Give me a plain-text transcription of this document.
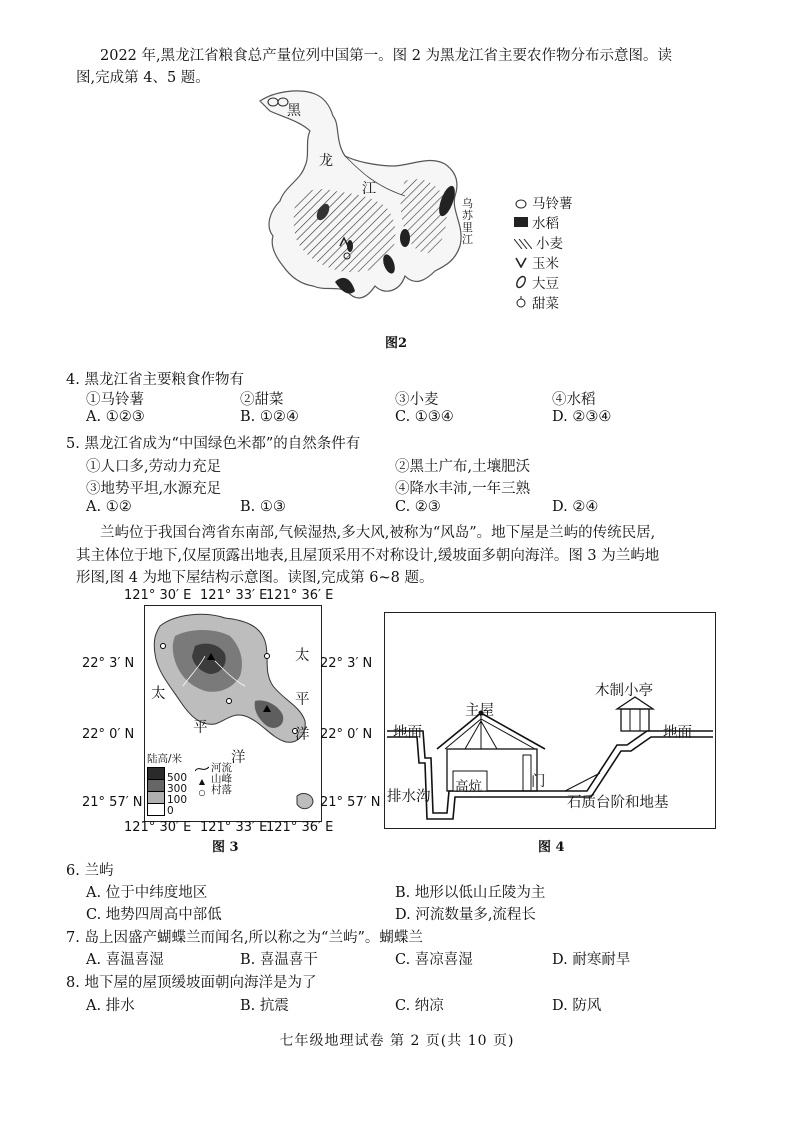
2022 年,黑龙江省粮食总产量位列中国第一。图 2 为黑龙江省主要农作物分布示意图。读
图,完成第 4、5 题。
黑
龙
江
乌
苏
里
江
马铃薯
水稻
小麦
玉米
大豆
甜菜
图2
4. 黑龙江省主要粮食作物有
①马铃薯	②甜菜	③小麦	④水稻
A. ①②③	B. ①②④	C. ①③④	D. ②③④
5. 黑龙江省成为“中国绿色米都”的自然条件有
①人口多,劳动力充足	②黑土广布,土壤肥沃
③地势平坦,水源充足	④降水丰沛,一年三熟
A. ①②	B. ①③	C. ②③	D. ②④
兰屿位于我国台湾省东南部,气候湿热,多大风,被称为“风岛”。地下屋是兰屿的传统民居,
其主体位于地下,仅屋顶露出地表,且屋顶采用不对称设计,缓坡面多朝向海洋。图 3 为兰屿地
形图,图 4 为地下屋结构示意图。读图,完成第 6~8 题。
121° 30′ E 121° 33′ E
121° 36′ E
陆高/米
500
300
100
0
河流
▲ 山峰
○ 村落
太
平
洋
太
平
洋
22° 3′ N
22° 0′ N
21° 57′ N
22° 3′ N
22° 0′ N
21° 57′ N
121° 30′ E 121° 33′ E
121° 36′ E
图 3
地面	地面
主屋
木制小亭
高炕	门
排水沟	石质台阶和地基
图 4
6. 兰屿
A. 位于中纬度地区	B. 地形以低山丘陵为主
C. 地势四周高中部低	D. 河流数量多,流程长
7. 岛上因盛产蝴蝶兰而闻名,所以称之为“兰屿”。蝴蝶兰
A. 喜温喜湿	B. 喜温喜干	C. 喜凉喜湿	D. 耐寒耐旱
8. 地下屋的屋顶缓坡面朝向海洋是为了
A. 排水	B. 抗震	C. 纳凉	D. 防风
七年级地理试卷 第 2 页(共 10 页)
